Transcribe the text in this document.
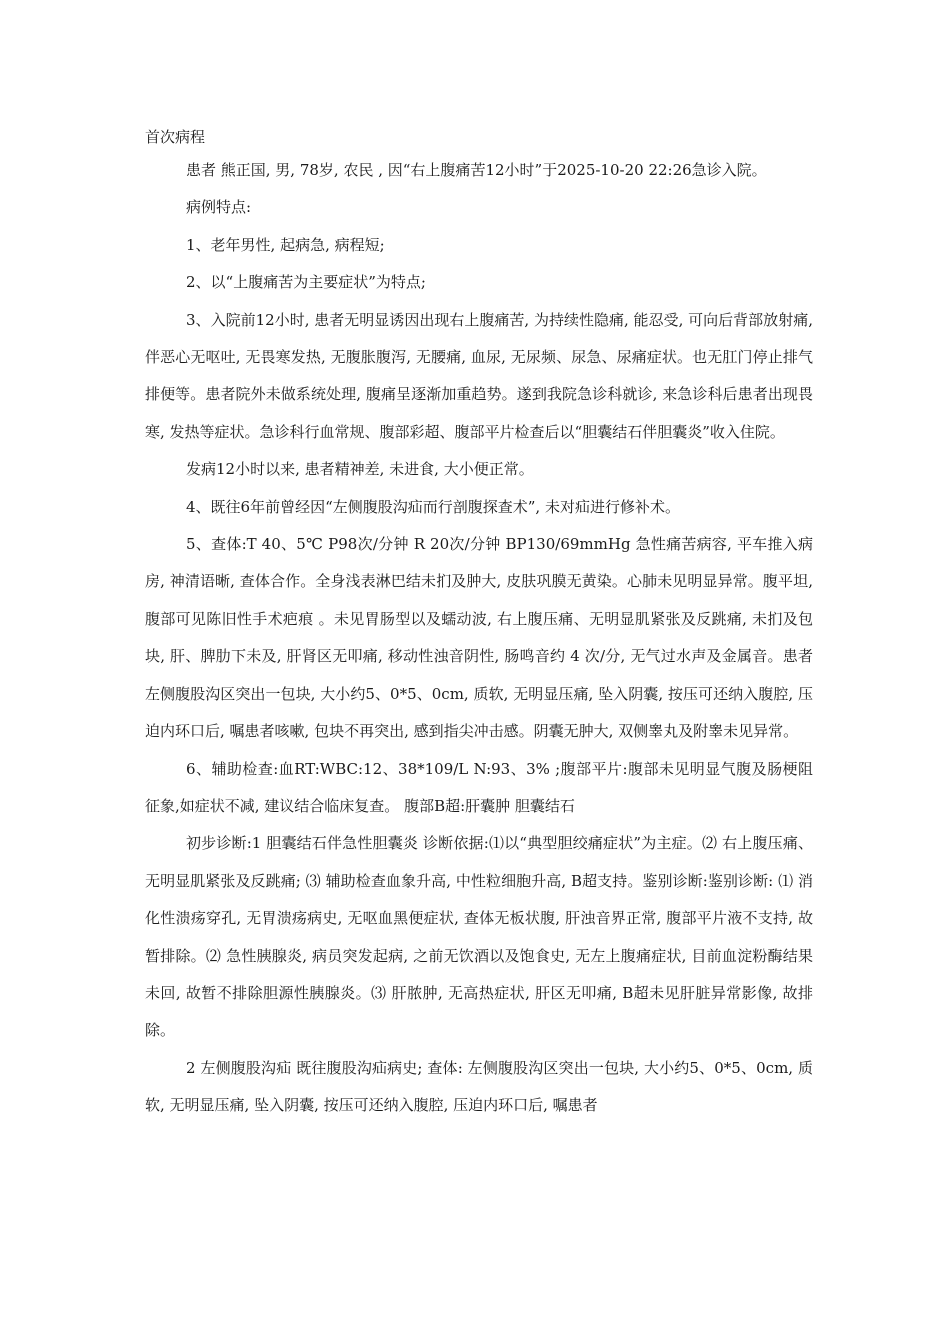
首次病程

患者 熊正国, 男, 78岁, 农民 , 因“右上腹痛苦12小时”于2025-10-20 22:26急诊入院。

病例特点:

1、老年男性, 起病急, 病程短;

2、以“上腹痛苦为主要症状”为特点;

3、入院前12小时, 患者无明显诱因出现右上腹痛苦, 为持续性隐痛, 能忍受, 可向后背部放射痛, 伴恶心无呕吐, 无畏寒发热, 无腹胀腹泻, 无腰痛, 血尿, 无尿频、尿急、尿痛症状。也无肛门停止排气排便等。患者院外未做系统处理, 腹痛呈逐渐加重趋势。遂到我院急诊科就诊, 来急诊科后患者出现畏寒, 发热等症状。急诊科行血常规、腹部彩超、腹部平片检查后以“胆囊结石伴胆囊炎”收入住院。

发病12小时以来, 患者精神差, 未进食, 大小便正常。

4、既往6年前曾经因“左侧腹股沟疝而行剖腹探查术”, 未对疝进行修补术。

5、查体:T 40、5℃ P98次/分钟 R 20次/分钟 BP130/69mmHg 急性痛苦病容, 平车推入病房, 神清语晰, 查体合作。全身浅表淋巴结未扪及肿大, 皮肤巩膜无黄染。心肺未见明显异常。腹平坦, 腹部可见陈旧性手术疤痕 。未见胃肠型以及蠕动波, 右上腹压痛、无明显肌紧张及反跳痛, 未扪及包块, 肝、脾肋下未及, 肝肾区无叩痛, 移动性浊音阴性, 肠鸣音约 4 次/分, 无气过水声及金属音。患者左侧腹股沟区突出一包块, 大小约5、0*5、0cm, 质软, 无明显压痛, 坠入阴囊, 按压可还纳入腹腔, 压迫内环口后, 嘱患者咳嗽, 包块不再突出, 感到指尖冲击感。阴囊无肿大, 双侧睾丸及附睾未见异常。

6、辅助检查:血RT:WBC:12、38*109/L N:93、3% ;腹部平片:腹部未见明显气腹及肠梗阻征象,如症状不减, 建议结合临床复查。 腹部B超:肝囊肿 胆囊结石

初步诊断:1 胆囊结石伴急性胆囊炎 诊断依据:⑴以“典型胆绞痛症状”为主症。⑵ 右上腹压痛、无明显肌紧张及反跳痛; ⑶ 辅助检查血象升高, 中性粒细胞升高, B超支持。鉴别诊断:鉴别诊断: ⑴ 消化性溃疡穿孔, 无胃溃疡病史, 无呕血黑便症状, 查体无板状腹, 肝浊音界正常, 腹部平片液不支持, 故暂排除。⑵ 急性胰腺炎, 病员突发起病, 之前无饮酒以及饱食史, 无左上腹痛症状, 目前血淀粉酶结果未回, 故暂不排除胆源性胰腺炎。⑶ 肝脓肿, 无高热症状, 肝区无叩痛, B超未见肝脏异常影像, 故排除。

2 左侧腹股沟疝 既往腹股沟疝病史; 查体: 左侧腹股沟区突出一包块, 大小约5、0*5、0cm, 质软, 无明显压痛, 坠入阴囊, 按压可还纳入腹腔, 压迫内环口后, 嘱患者
